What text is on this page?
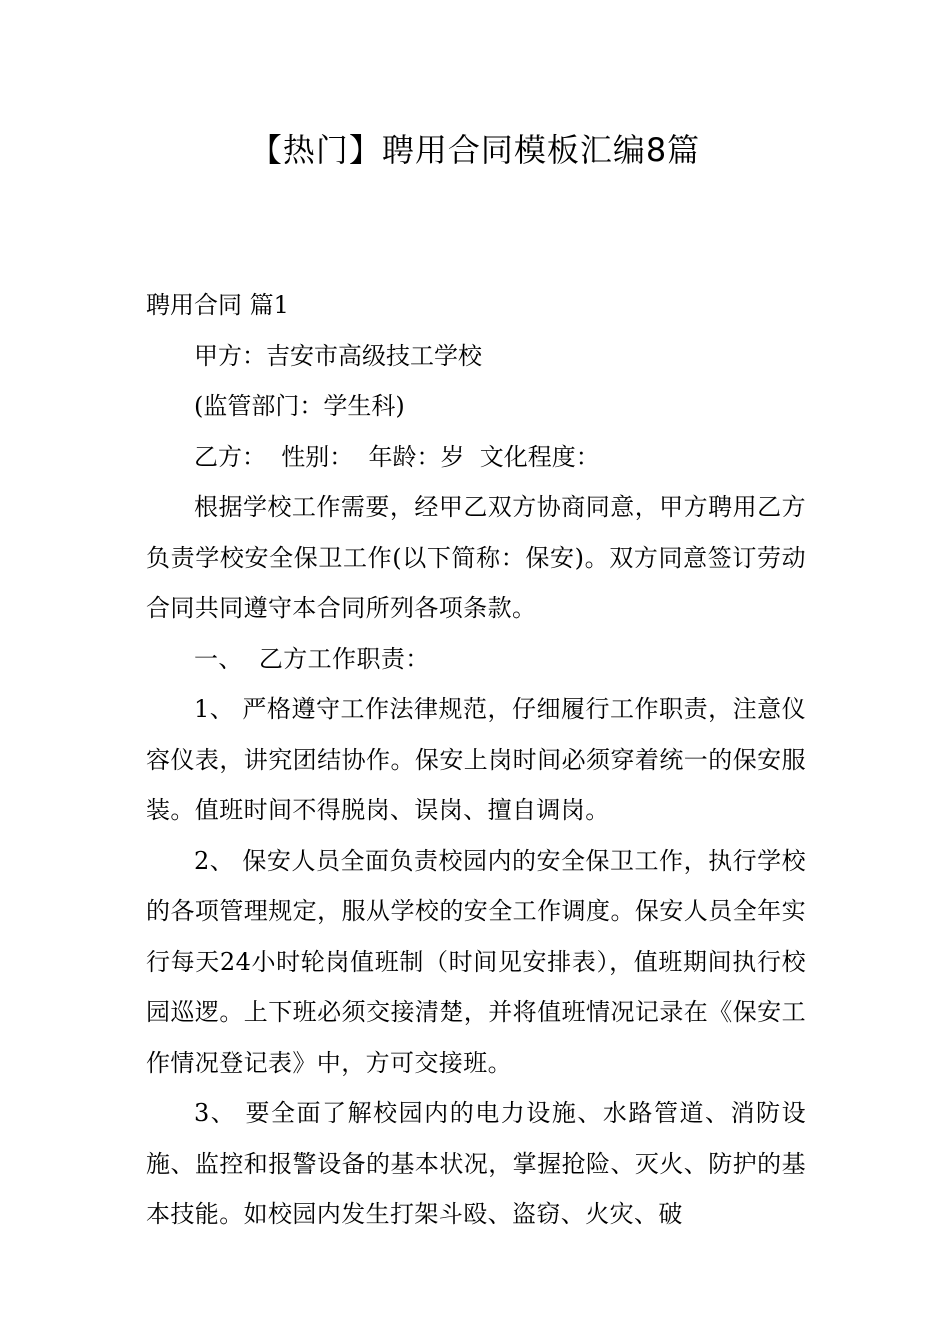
【热门】聘用合同模板汇编8篇
聘用合同 篇1
甲方：吉安市高级技工学校
(监管部门：学生科)
乙方：  性别：  年龄：岁  文化程度：

根据学校工作需要，经甲乙双方协商同意，甲方聘用乙方负责学校安全保卫工作(以下简称：保安)。双方同意签订劳动合同共同遵守本合同所列各项条款。

一、  乙方工作职责：

1、 严格遵守工作法律规范，仔细履行工作职责，注意仪容仪表，讲究团结协作。保安上岗时间必须穿着统一的保安服装。值班时间不得脱岗、误岗、擅自调岗。

2、 保安人员全面负责校园内的安全保卫工作，执行学校的各项管理规定，服从学校的安全工作调度。保安人员全年实行每天24小时轮岗值班制（时间见安排表），值班期间执行校园巡逻。上下班必须交接清楚，并将值班情况记录在《保安工作情况登记表》中，方可交接班。

3、 要全面了解校园内的电力设施、水路管道、消防设施、监控和报警设备的基本状况，掌握抢险、灭火、防护的基本技能。如校园内发生打架斗殴、盗窃、火灾、破
